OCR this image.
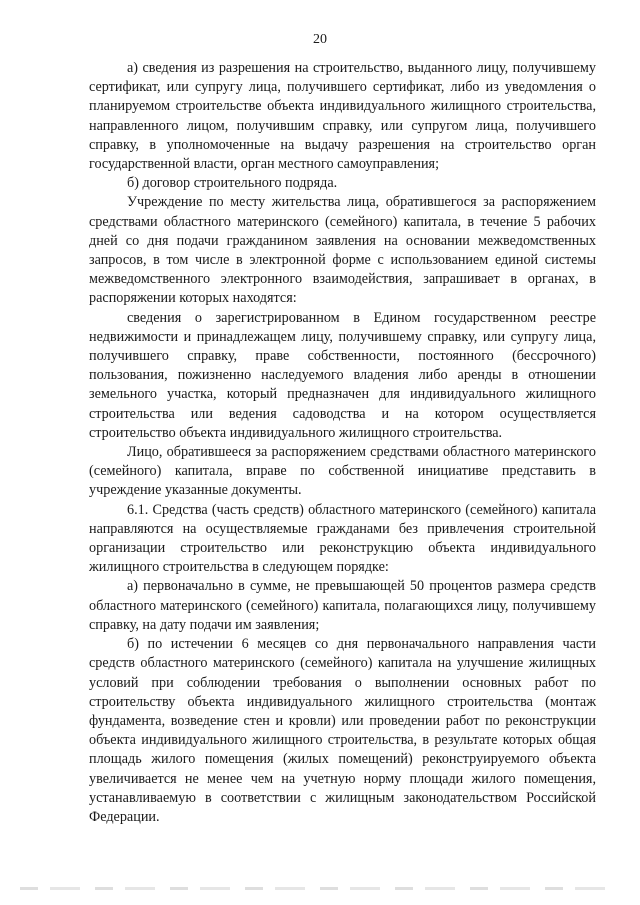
20

а) сведения из разрешения на строительство, выданного лицу, получившему сертификат, или супругу лица, получившего сертификат, либо из уведомления о планируемом строительстве объекта индивидуального жилищного строительства, направленного лицом, получившим справку, или супругом лица, получившего справку, в уполномоченные на выдачу разрешения на строительство орган государственной власти, орган местного самоуправления;

б) договор строительного подряда.

Учреждение по месту жительства лица, обратившегося за распоряжением средствами областного материнского (семейного) капитала, в течение 5 рабочих дней со дня подачи гражданином заявления на основании межведомственных запросов, в том числе в электронной форме с использованием единой системы межведомственного электронного взаимодействия, запрашивает в органах, в распоряжении которых находятся:

сведения о зарегистрированном в Едином государственном реестре недвижимости и принадлежащем лицу, получившему справку, или супругу лица, получившего справку, праве собственности, постоянного (бессрочного) пользования, пожизненно наследуемого владения либо аренды в отношении земельного участка, который предназначен для индивидуального жилищного строительства или ведения садоводства и на котором осуществляется строительство объекта индивидуального жилищного строительства.

Лицо, обратившееся за распоряжением средствами областного материнского (семейного) капитала, вправе по собственной инициативе представить в учреждение указанные документы.

6.1. Средства (часть средств) областного материнского (семейного) капитала направляются на осуществляемые гражданами без привлечения строительной организации строительство или реконструкцию объекта индивидуального жилищного строительства в следующем порядке:

а) первоначально в сумме, не превышающей 50 процентов размера средств областного материнского (семейного) капитала, полагающихся лицу, получившему справку, на дату подачи им заявления;

б) по истечении 6 месяцев со дня первоначального направления части средств областного материнского (семейного) капитала на улучшение жилищных условий при соблюдении требования о выполнении основных работ по строительству объекта индивидуального жилищного строительства (монтаж фундамента, возведение стен и кровли) или проведении работ по реконструкции объекта индивидуального жилищного строительства, в результате которых общая площадь жилого помещения (жилых помещений) реконструируемого объекта увеличивается не менее чем на учетную норму площади жилого помещения, устанавливаемую в соответствии с жилищным законодательством Российской Федерации.
